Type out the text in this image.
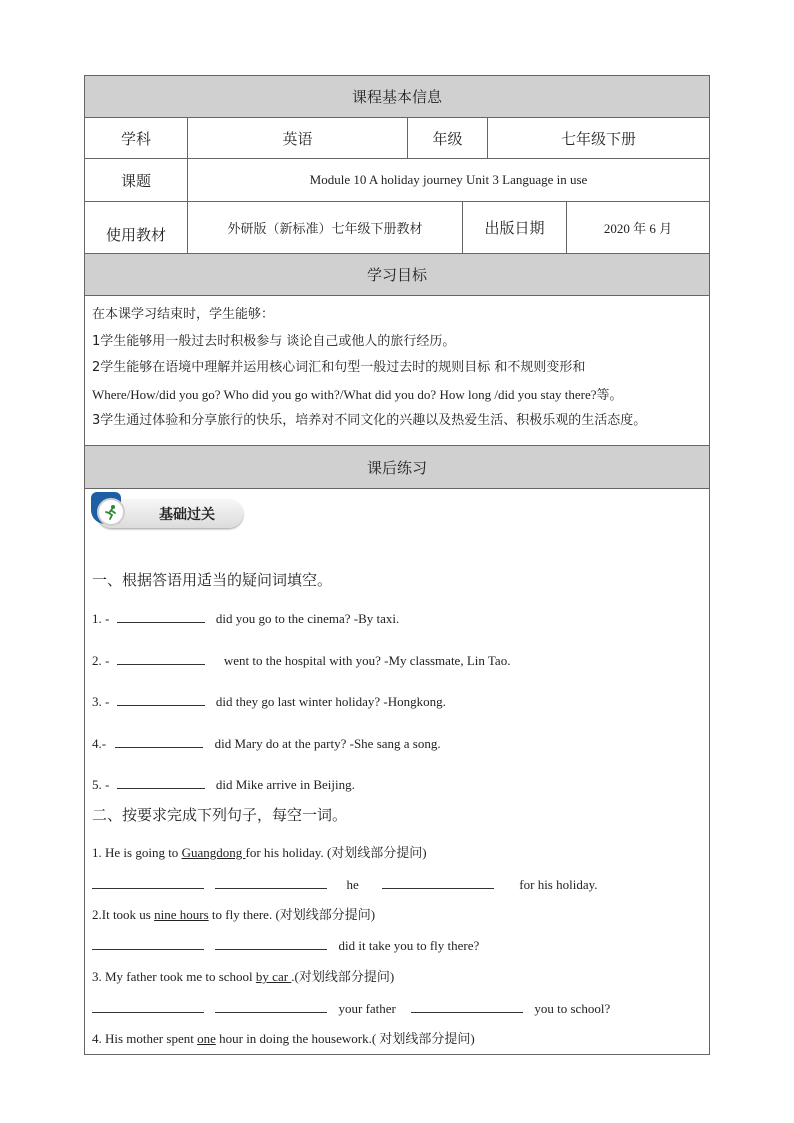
课程基本信息
学科	英语	年级	七年级下册
课题	Module 10 A holiday journey Unit 3 Language in use
使用教材	外研版（新标准）七年级下册教材	出版日期	2020 年 6 月
学习目标
在本课学习结束时，学生能够：
1学生能够用一般过去时积极参与 谈论自己或他人的旅行经历。
2学生能够在语境中理解并运用核心词汇和句型一般过去时的规则目标 和不规则变形和
Where/How/did you go? Who did you go with?/What did you do? How long /did you stay there?等。
3学生通过体验和分享旅行的快乐，培养对不同文化的兴趣以及热爱生活、积极乐观的生活态度。
课后练习
基础过关
一、根据答语用适当的疑问词填空。
1. -	did you go to the cinema? -By taxi.
2. -	went to the hospital with you? -My classmate, Lin Tao.
3. -	did they go last winter holiday? -Hongkong.
4.-	did Mary do at the party? -She sang a song.
5. -	did Mike arrive in Beijing.
二、按要求完成下列句子，每空一词。
1. He is going to Guangdong for his holiday. (对划线部分提问)
he	for his holiday.
2.It took us nine hours to fly there. (对划线部分提问)
did it take you to fly there?
3. My father took me to school by car .(对划线部分提问)
your father	you to school?
4. His mother spent one hour in doing the housework.( 对划线部分提问)
